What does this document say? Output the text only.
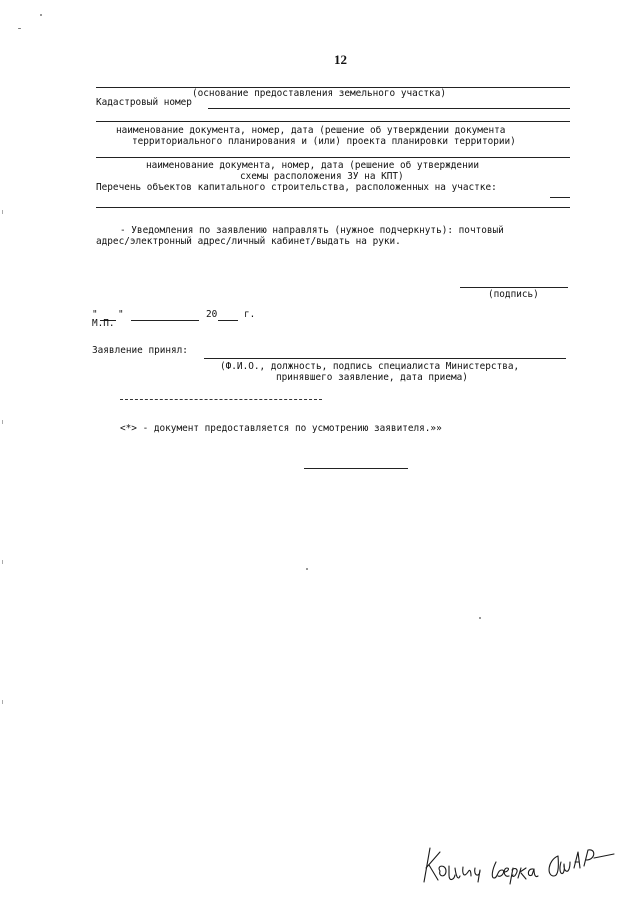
12
(основание предоставления земельного участка)
Кадастровый номер
наименование документа, номер, дата (решение об утверждении документа
территориального планирования и (или) проекта планировки территории)
наименование документа, номер, дата (решение об утверждении
схемы расположения ЗУ на КПТ)
Перечень объектов капитального строительства, расположенных на участке:
- Уведомления по заявлению направлять (нужное подчеркнуть): почтовый
адрес/электронный адрес/личный кабинет/выдать на руки.
(подпись)
" "	20	г.
М.П.
Заявление принял:
(Ф.И.О., должность, подпись специалиста Министерства,
принявшего заявление, дата приема)
<*> - документ предоставляется по усмотрению заявителя.»»
